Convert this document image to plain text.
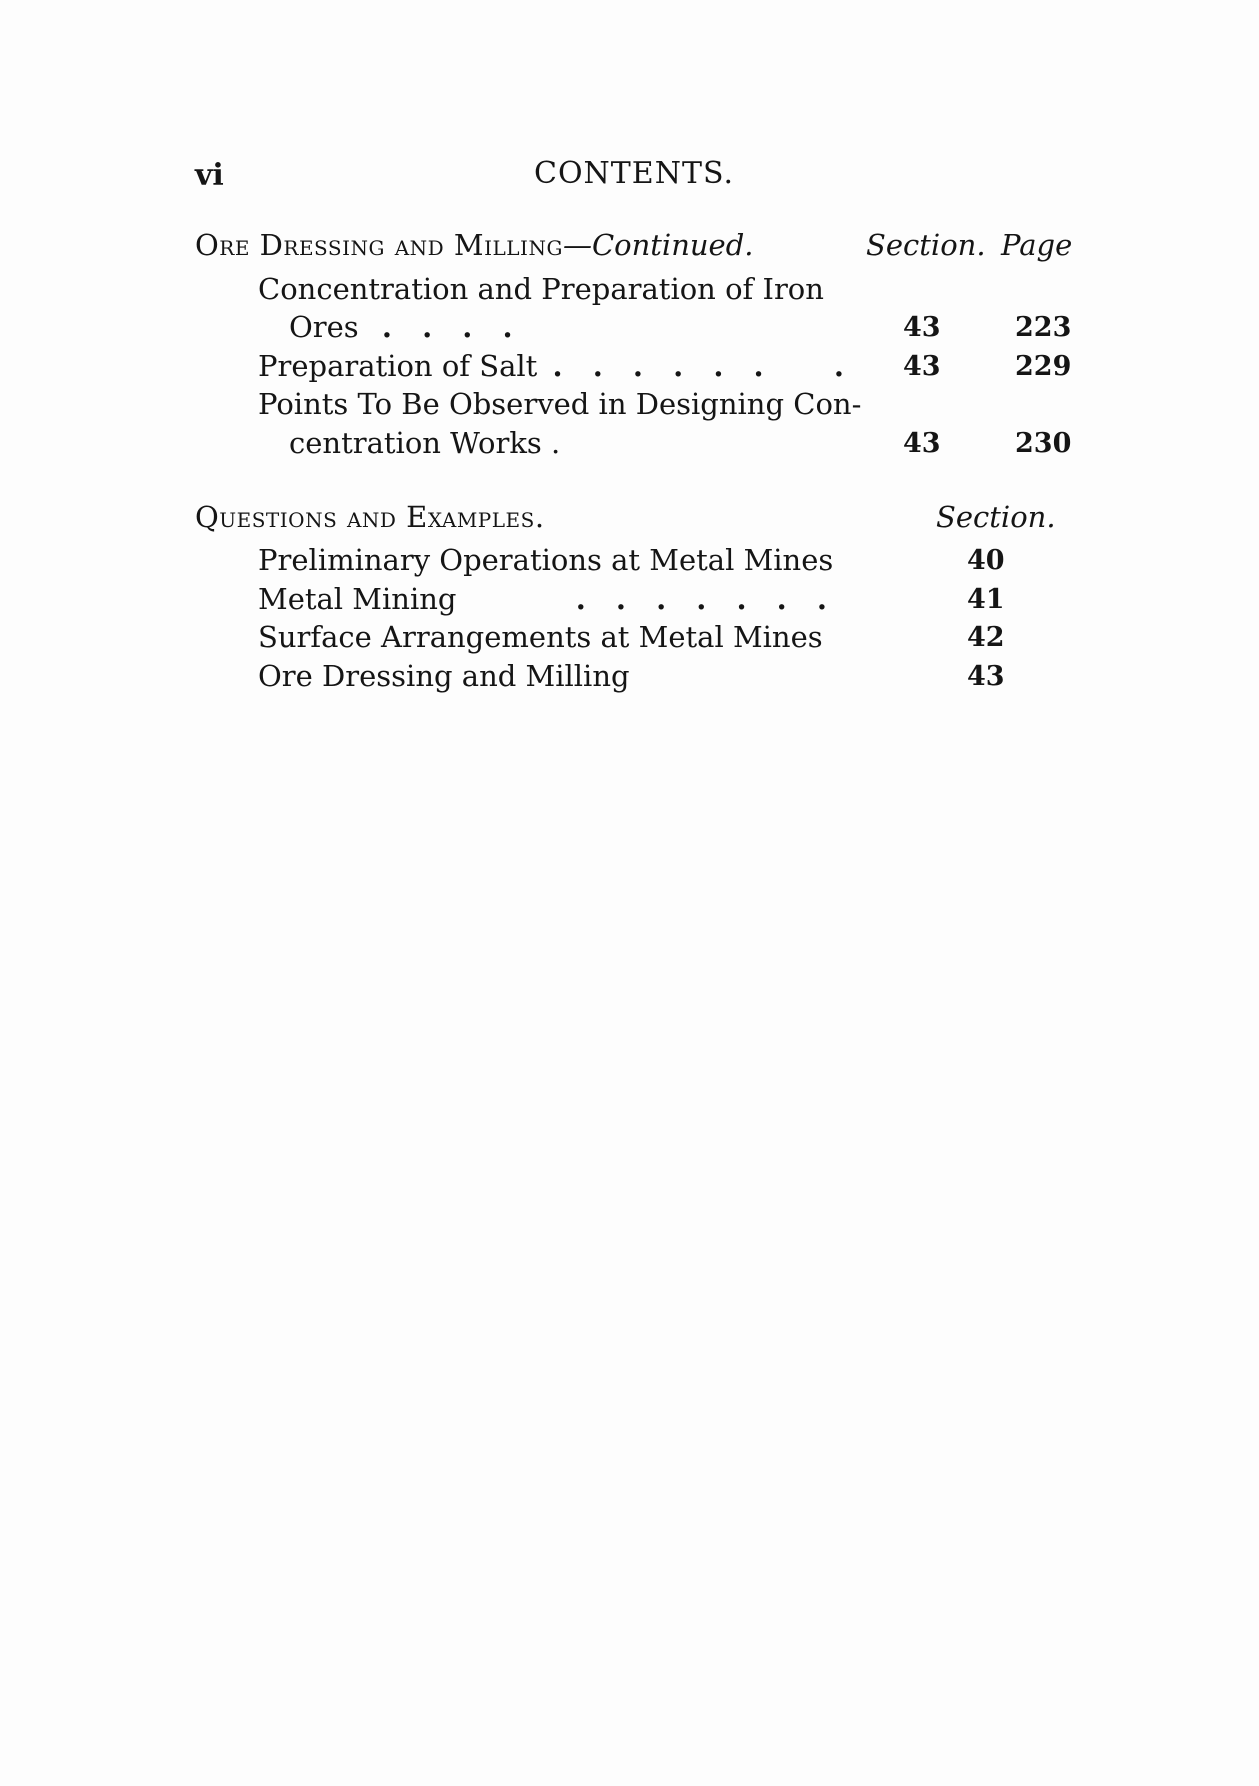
vi	CONTENTS.
Ore Dressing and Milling—Continued.	Section. Page
Concentration and Preparation of Iron
Ores . . . .	43	223
Preparation of Salt . . . . . .   . 43	229
Points To Be Observed in Designing Con-
centration Works .	43	230
Questions and Examples.	Section.
Preliminary Operations at Metal Mines	40
Metal Mining	. . . . . . .	41
Surface Arrangements at Metal Mines	42
Ore Dressing and Milling	43
